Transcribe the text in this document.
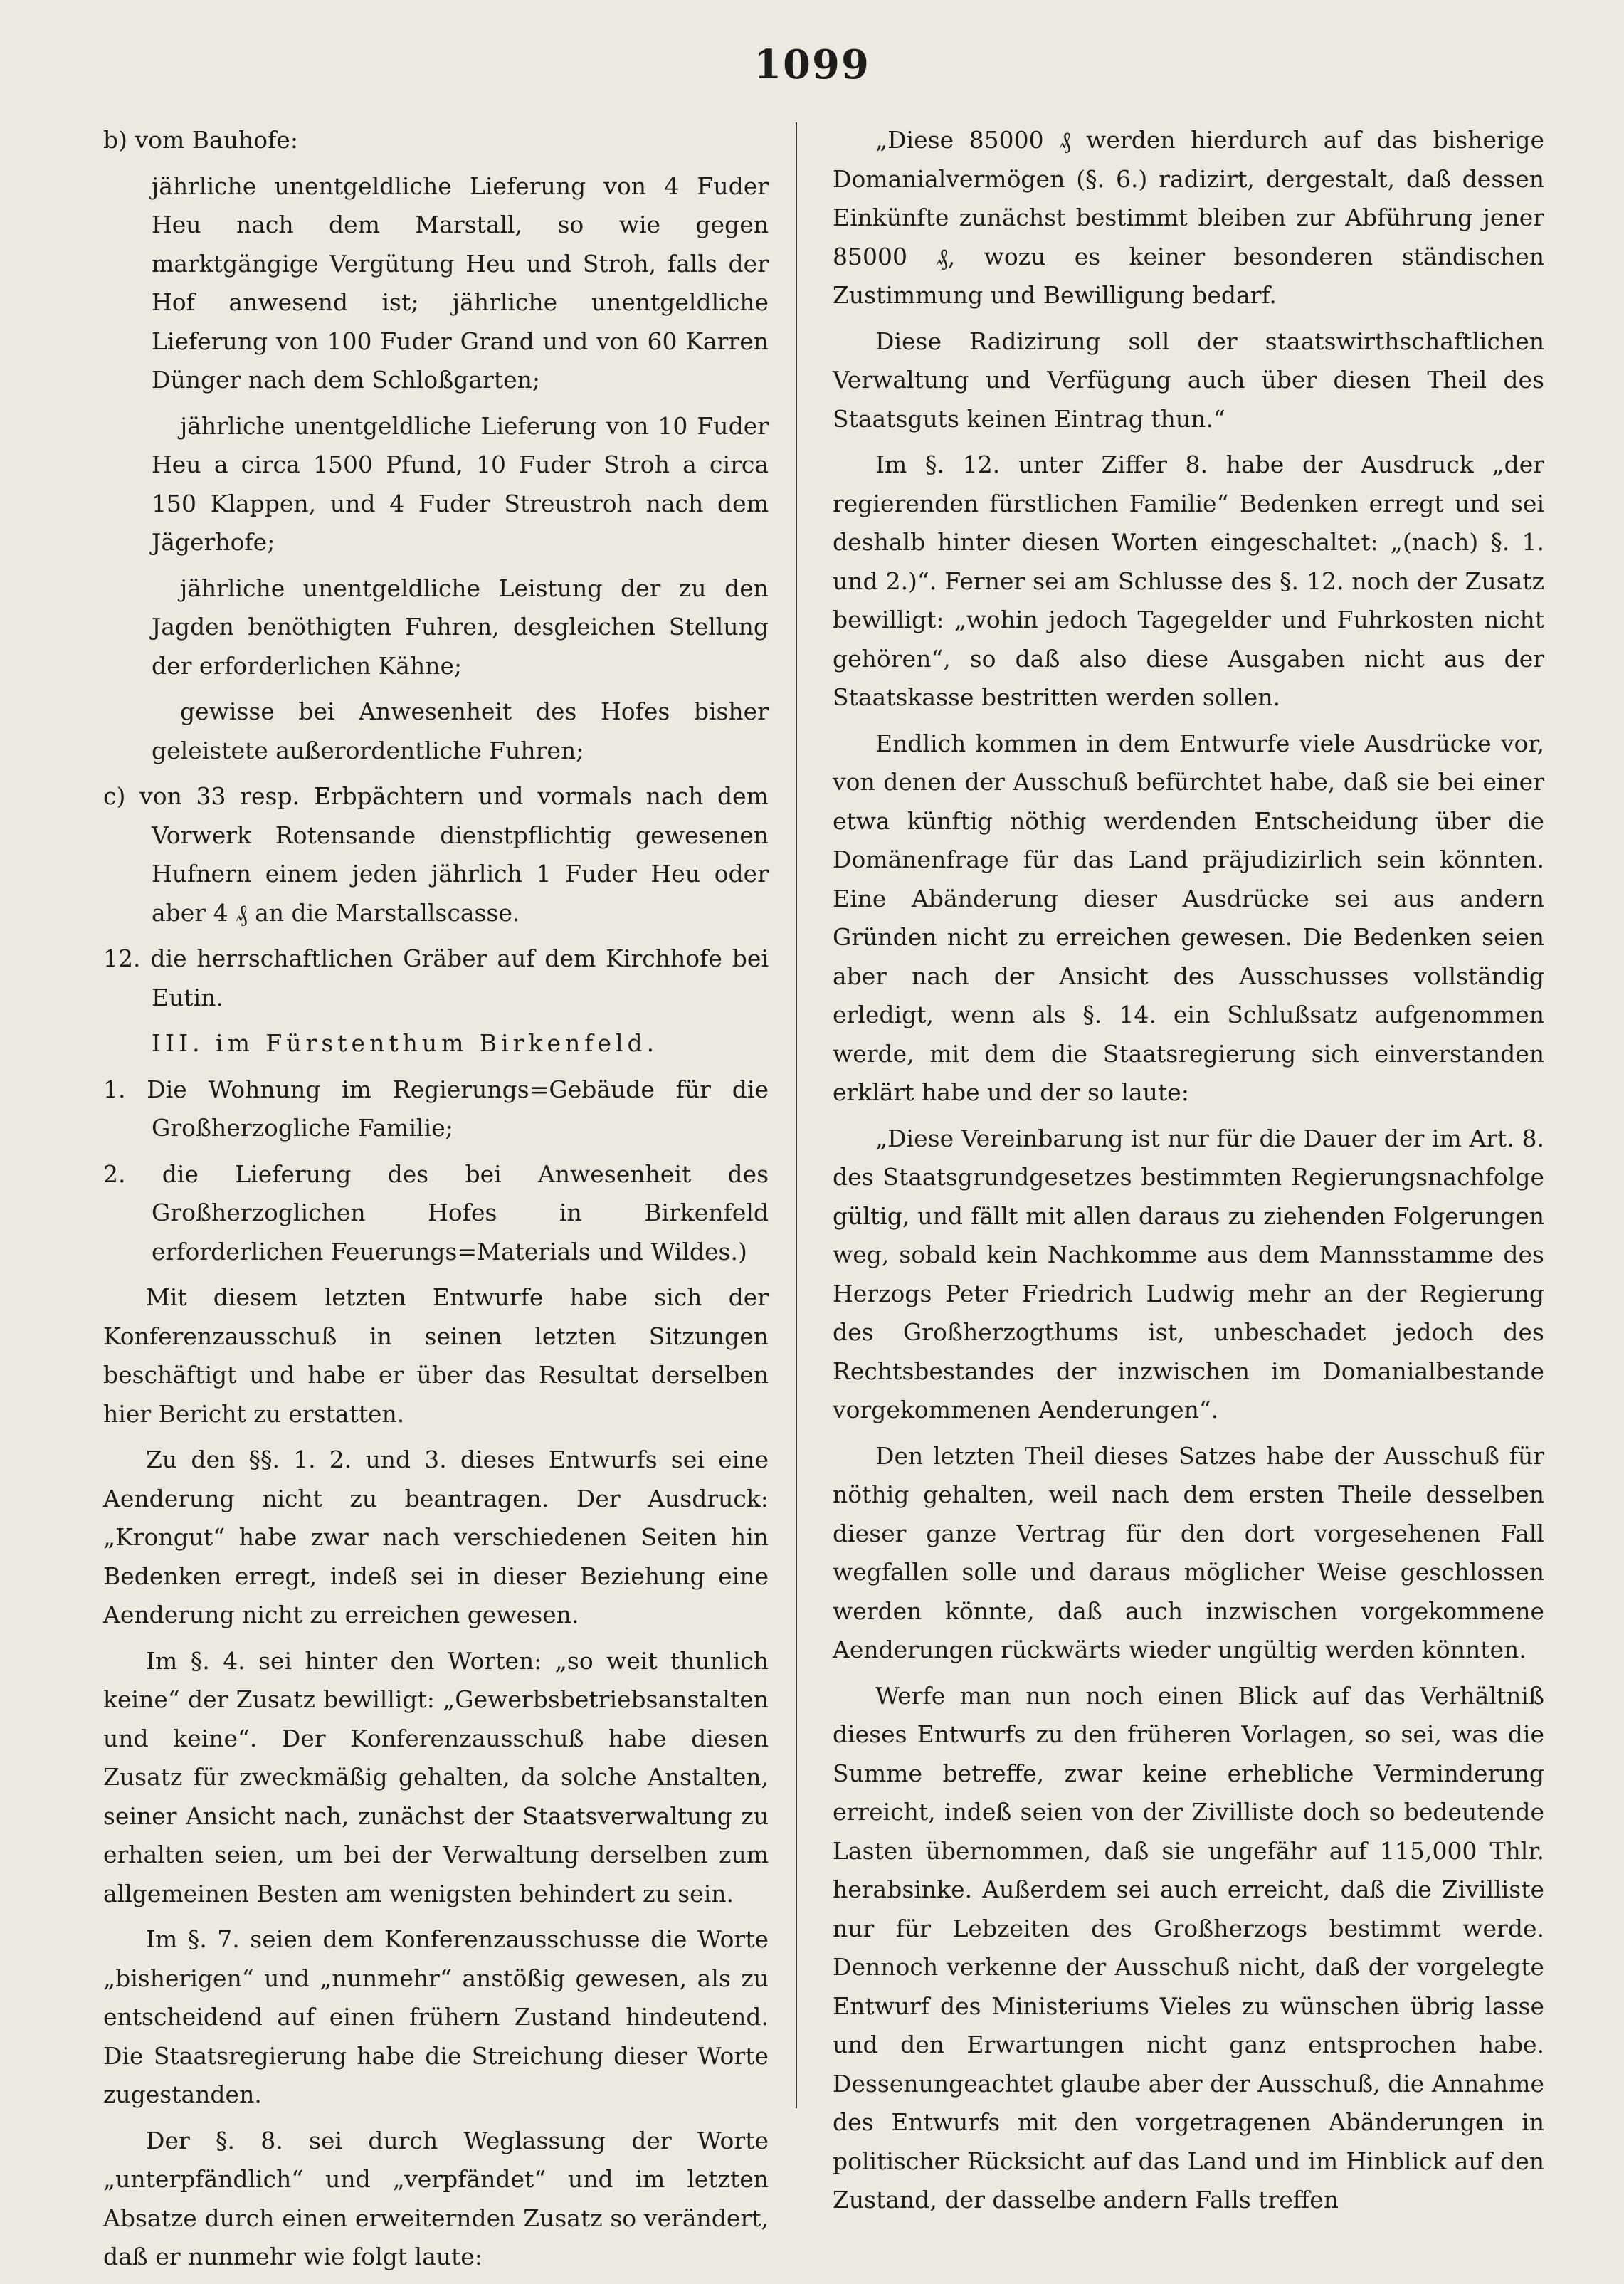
1099

b) vom Bauhofe:

jährliche unentgeldliche Lieferung von 4 Fuder Heu nach dem Marstall, so wie gegen marktgängige Vergütung Heu und Stroh, falls der Hof anwesend ist; jährliche unentgeldliche Lieferung von 100 Fuder Grand und von 60 Karren Dünger nach dem Schloßgarten;

jährliche unentgeldliche Lieferung von 10 Fuder Heu a circa 1500 Pfund, 10 Fuder Stroh a circa 150 Klappen, und 4 Fuder Streustroh nach dem Jägerhofe;

jährliche unentgeldliche Leistung der zu den Jagden benöthigten Fuhren, desgleichen Stellung der erforderlichen Kähne;

gewisse bei Anwesenheit des Hofes bisher geleistete außerordentliche Fuhren;

c) von 33 resp. Erbpächtern und vormals nach dem Vorwerk Rotensande dienstpflichtig gewesenen Hufnern einem jeden jährlich 1 Fuder Heu oder aber 4 ₰ an die Marstallscasse.

12. die herrschaftlichen Gräber auf dem Kirchhofe bei Eutin.

III. im Fürstenthum Birkenfeld.

1. Die Wohnung im Regierungs=Gebäude für die Großherzogliche Familie;

2. die Lieferung des bei Anwesenheit des Großherzoglichen Hofes in Birkenfeld erforderlichen Feuerungs=Materials und Wildes.)

Mit diesem letzten Entwurfe habe sich der Konferenzausschuß in seinen letzten Sitzungen beschäftigt und habe er über das Resultat derselben hier Bericht zu erstatten.

Zu den §§. 1. 2. und 3. dieses Entwurfs sei eine Aenderung nicht zu beantragen. Der Ausdruck: „Krongut“ habe zwar nach verschiedenen Seiten hin Bedenken erregt, indeß sei in dieser Beziehung eine Aenderung nicht zu erreichen gewesen.

Im §. 4. sei hinter den Worten: „so weit thunlich keine“ der Zusatz bewilligt: „Gewerbsbetriebsanstalten und keine“. Der Konferenzausschuß habe diesen Zusatz für zweckmäßig gehalten, da solche Anstalten, seiner Ansicht nach, zunächst der Staatsverwaltung zu erhalten seien, um bei der Verwaltung derselben zum allgemeinen Besten am wenigsten behindert zu sein.

Im §. 7. seien dem Konferenzausschusse die Worte „bisherigen“ und „nunmehr“ anstößig gewesen, als zu entscheidend auf einen frühern Zustand hindeutend. Die Staatsregierung habe die Streichung dieser Worte zugestanden.

Der §. 8. sei durch Weglassung der Worte „unterpfändlich“ und „verpfändet“ und im letzten Absatze durch einen erweiternden Zusatz so verändert, daß er nunmehr wie folgt laute:

„Diese 85000 ₰ werden hierdurch auf das bisherige Domanialvermögen (§. 6.) radizirt, dergestalt, daß dessen Einkünfte zunächst bestimmt bleiben zur Abführung jener 85000 ₰, wozu es keiner besonderen ständischen Zustimmung und Bewilligung bedarf.

Diese Radizirung soll der staatswirthschaftlichen Verwaltung und Verfügung auch über diesen Theil des Staatsguts keinen Eintrag thun.“

Im §. 12. unter Ziffer 8. habe der Ausdruck „der regierenden fürstlichen Familie“ Bedenken erregt und sei deshalb hinter diesen Worten eingeschaltet: „(nach) §. 1. und 2.)“. Ferner sei am Schlusse des §. 12. noch der Zusatz bewilligt: „wohin jedoch Tagegelder und Fuhrkosten nicht gehören“, so daß also diese Ausgaben nicht aus der Staatskasse bestritten werden sollen.

Endlich kommen in dem Entwurfe viele Ausdrücke vor, von denen der Ausschuß befürchtet habe, daß sie bei einer etwa künftig nöthig werdenden Entscheidung über die Domänenfrage für das Land präjudizirlich sein könnten. Eine Abänderung dieser Ausdrücke sei aus andern Gründen nicht zu erreichen gewesen. Die Bedenken seien aber nach der Ansicht des Ausschusses vollständig erledigt, wenn als §. 14. ein Schlußsatz aufgenommen werde, mit dem die Staatsregierung sich einverstanden erklärt habe und der so laute:

„Diese Vereinbarung ist nur für die Dauer der im Art. 8. des Staatsgrundgesetzes bestimmten Regierungsnachfolge gültig, und fällt mit allen daraus zu ziehenden Folgerungen weg, sobald kein Nachkomme aus dem Mannsstamme des Herzogs Peter Friedrich Ludwig mehr an der Regierung des Großherzogthums ist, unbeschadet jedoch des Rechtsbestandes der inzwischen im Domanialbestande vorgekommenen Aenderungen“.

Den letzten Theil dieses Satzes habe der Ausschuß für nöthig gehalten, weil nach dem ersten Theile desselben dieser ganze Vertrag für den dort vorgesehenen Fall wegfallen solle und daraus möglicher Weise geschlossen werden könnte, daß auch inzwischen vorgekommene Aenderungen rückwärts wieder ungültig werden könnten.

Werfe man nun noch einen Blick auf das Verhältniß dieses Entwurfs zu den früheren Vorlagen, so sei, was die Summe betreffe, zwar keine erhebliche Verminderung erreicht, indeß seien von der Zivilliste doch so bedeutende Lasten übernommen, daß sie ungefähr auf 115,000 Thlr. herabsinke. Außerdem sei auch erreicht, daß die Zivilliste nur für Lebzeiten des Großherzogs bestimmt werde. Dennoch verkenne der Ausschuß nicht, daß der vorgelegte Entwurf des Ministeriums Vieles zu wünschen übrig lasse und den Erwartungen nicht ganz entsprochen habe. Dessenungeachtet glaube aber der Ausschuß, die Annahme des Entwurfs mit den vorgetragenen Abänderungen in politischer Rücksicht auf das Land und im Hinblick auf den Zustand, der dasselbe andern Falls treffen
